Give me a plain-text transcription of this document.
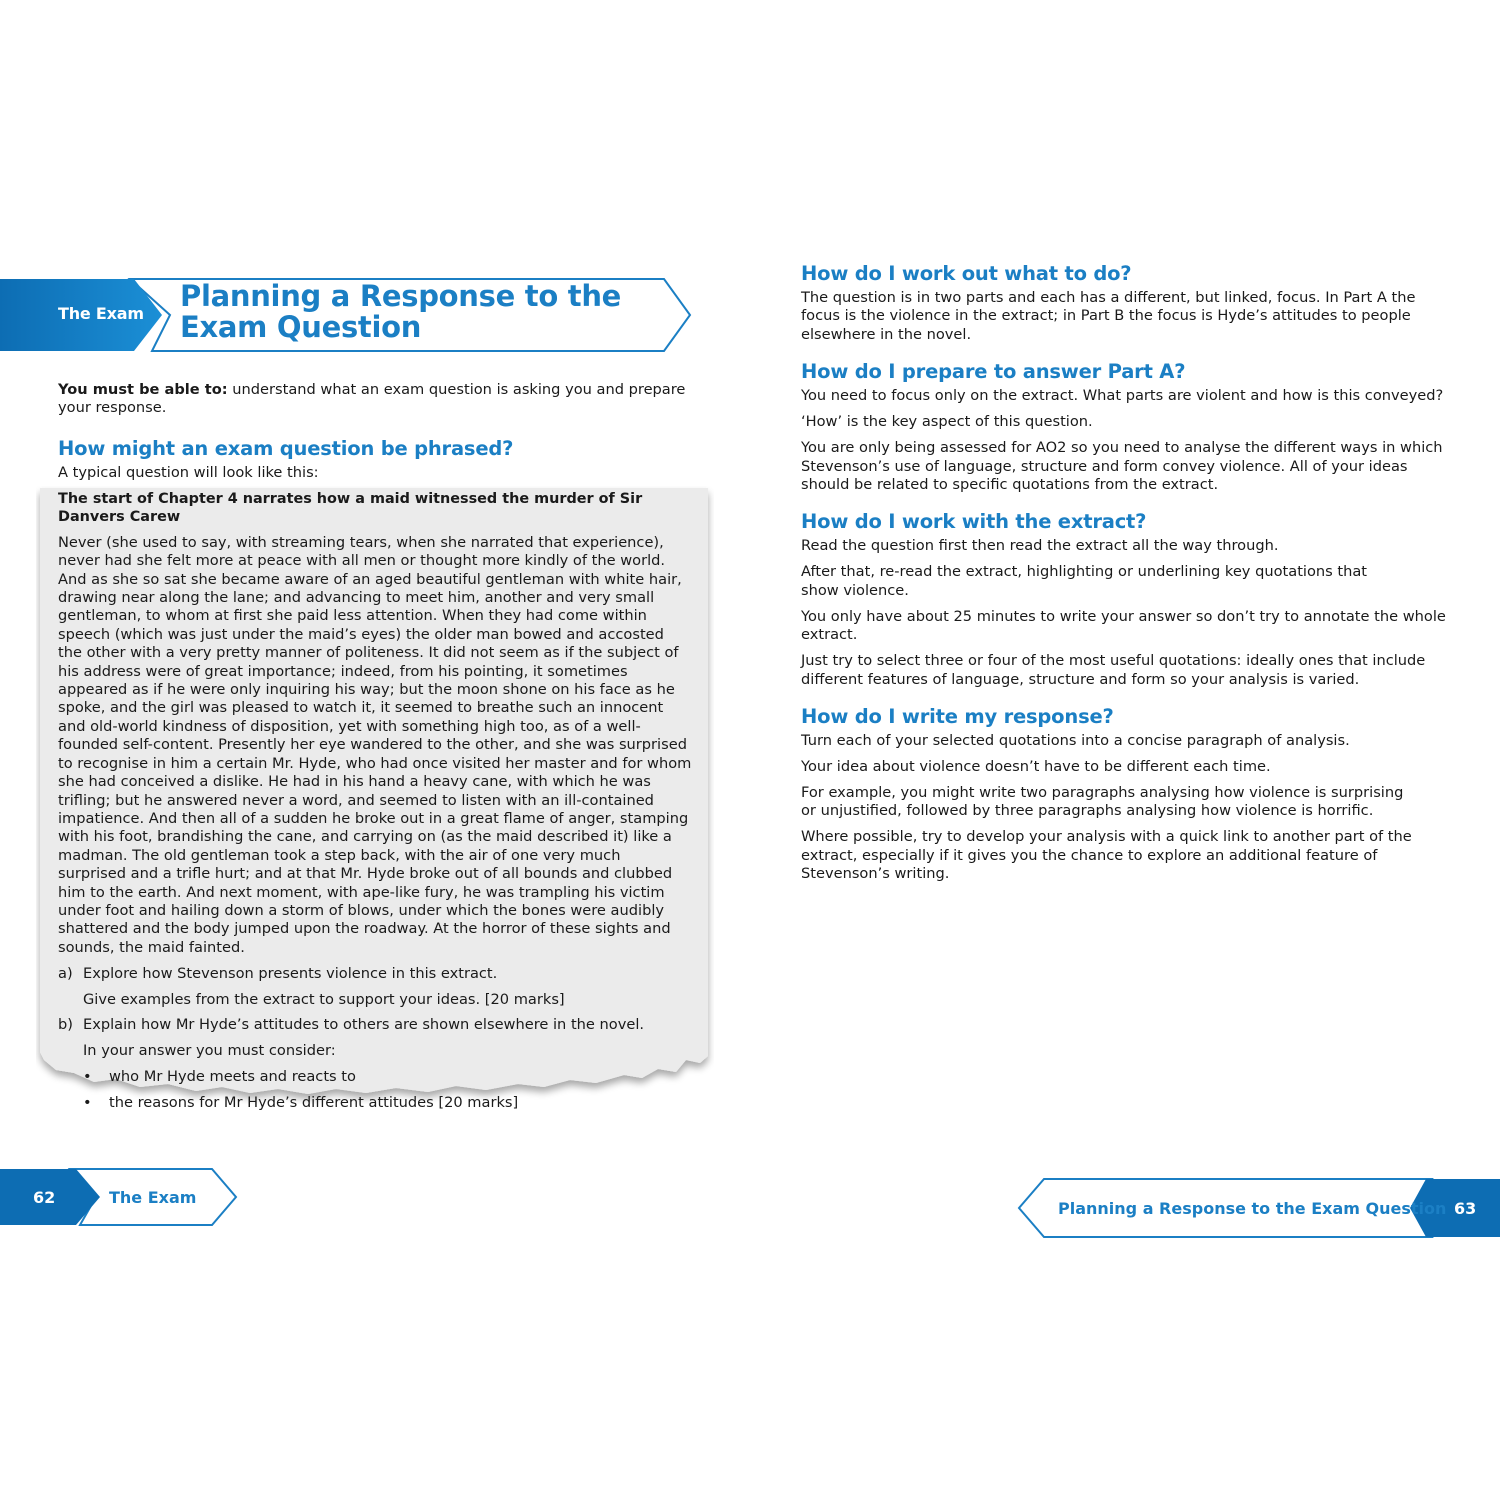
The Exam
Planning a Response to the Exam Question
You must be able to: understand what an exam question is asking you and prepare your response.
How might an exam question be phrased?

A typical question will look like this:

The start of Chapter 4 narrates how a maid witnessed the murder of Sir Danvers Carew

Never (she used to say, with streaming tears, when she narrated that experience), never had she felt more at peace with all men or thought more kindly of the world. And as she so sat she became aware of an aged beautiful gentleman with white hair, drawing near along the lane; and advancing to meet him, another and very small gentleman, to whom at first she paid less attention. When they had come within speech (which was just under the maid’s eyes) the older man bowed and accosted the other with a very pretty manner of politeness. It did not seem as if the subject of his address were of great importance; indeed, from his pointing, it sometimes appeared as if he were only inquiring his way; but the moon shone on his face as he spoke, and the girl was pleased to watch it, it seemed to breathe such an innocent and old-world kindness of disposition, yet with something high too, as of a well-founded self-content. Presently her eye wandered to the other, and she was surprised to recognise in him a certain Mr. Hyde, who had once visited her master and for whom she had conceived a dislike. He had in his hand a heavy cane, with which he was trifling; but he answered never a word, and seemed to listen with an ill-contained impatience. And then all of a sudden he broke out in a great flame of anger, stamping with his foot, brandishing the cane, and carrying on (as the maid described it) like a madman. The old gentleman took a step back, with the air of one very much surprised and a trifle hurt; and at that Mr. Hyde broke out of all bounds and clubbed him to the earth. And next moment, with ape-like fury, he was trampling his victim under foot and hailing down a storm of blows, under which the bones were audibly shattered and the body jumped upon the roadway. At the horror of these sights and sounds, the maid fainted.

a) Explore how Stevenson presents violence in this extract.

Give examples from the extract to support your ideas. [20 marks]

b) Explain how Mr Hyde’s attitudes to others are shown elsewhere in the novel.

In your answer you must consider:

•	who Mr Hyde meets and reacts to
•	the reasons for Mr Hyde’s different attitudes [20 marks]
62	The Exam
How do I work out what to do?

The question is in two parts and each has a different, but linked, focus. In Part A the focus is the violence in the extract; in Part B the focus is Hyde’s attitudes to people elsewhere in the novel.

How do I prepare to answer Part A?

You need to focus only on the extract. What parts are violent and how is this conveyed?

‘How’ is the key aspect of this question.

You are only being assessed for AO2 so you need to analyse the different ways in which Stevenson’s use of language, structure and form convey violence. All of your ideas should be related to specific quotations from the extract.

How do I work with the extract?

Read the question first then read the extract all the way through.

After that, re-read the extract, highlighting or underlining key quotations that show violence.

You only have about 25 minutes to write your answer so don’t try to annotate the whole extract.

Just try to select three or four of the most useful quotations: ideally ones that include different features of language, structure and form so your analysis is varied.

How do I write my response?

Turn each of your selected quotations into a concise paragraph of analysis.

Your idea about violence doesn’t have to be different each time.

For example, you might write two paragraphs analysing how violence is surprising or unjustified, followed by three paragraphs analysing how violence is horrific.

Where possible, try to develop your analysis with a quick link to another part of the extract, especially if it gives you the chance to explore an additional feature of Stevenson’s writing.

Planning a Response to the Exam Question 63
